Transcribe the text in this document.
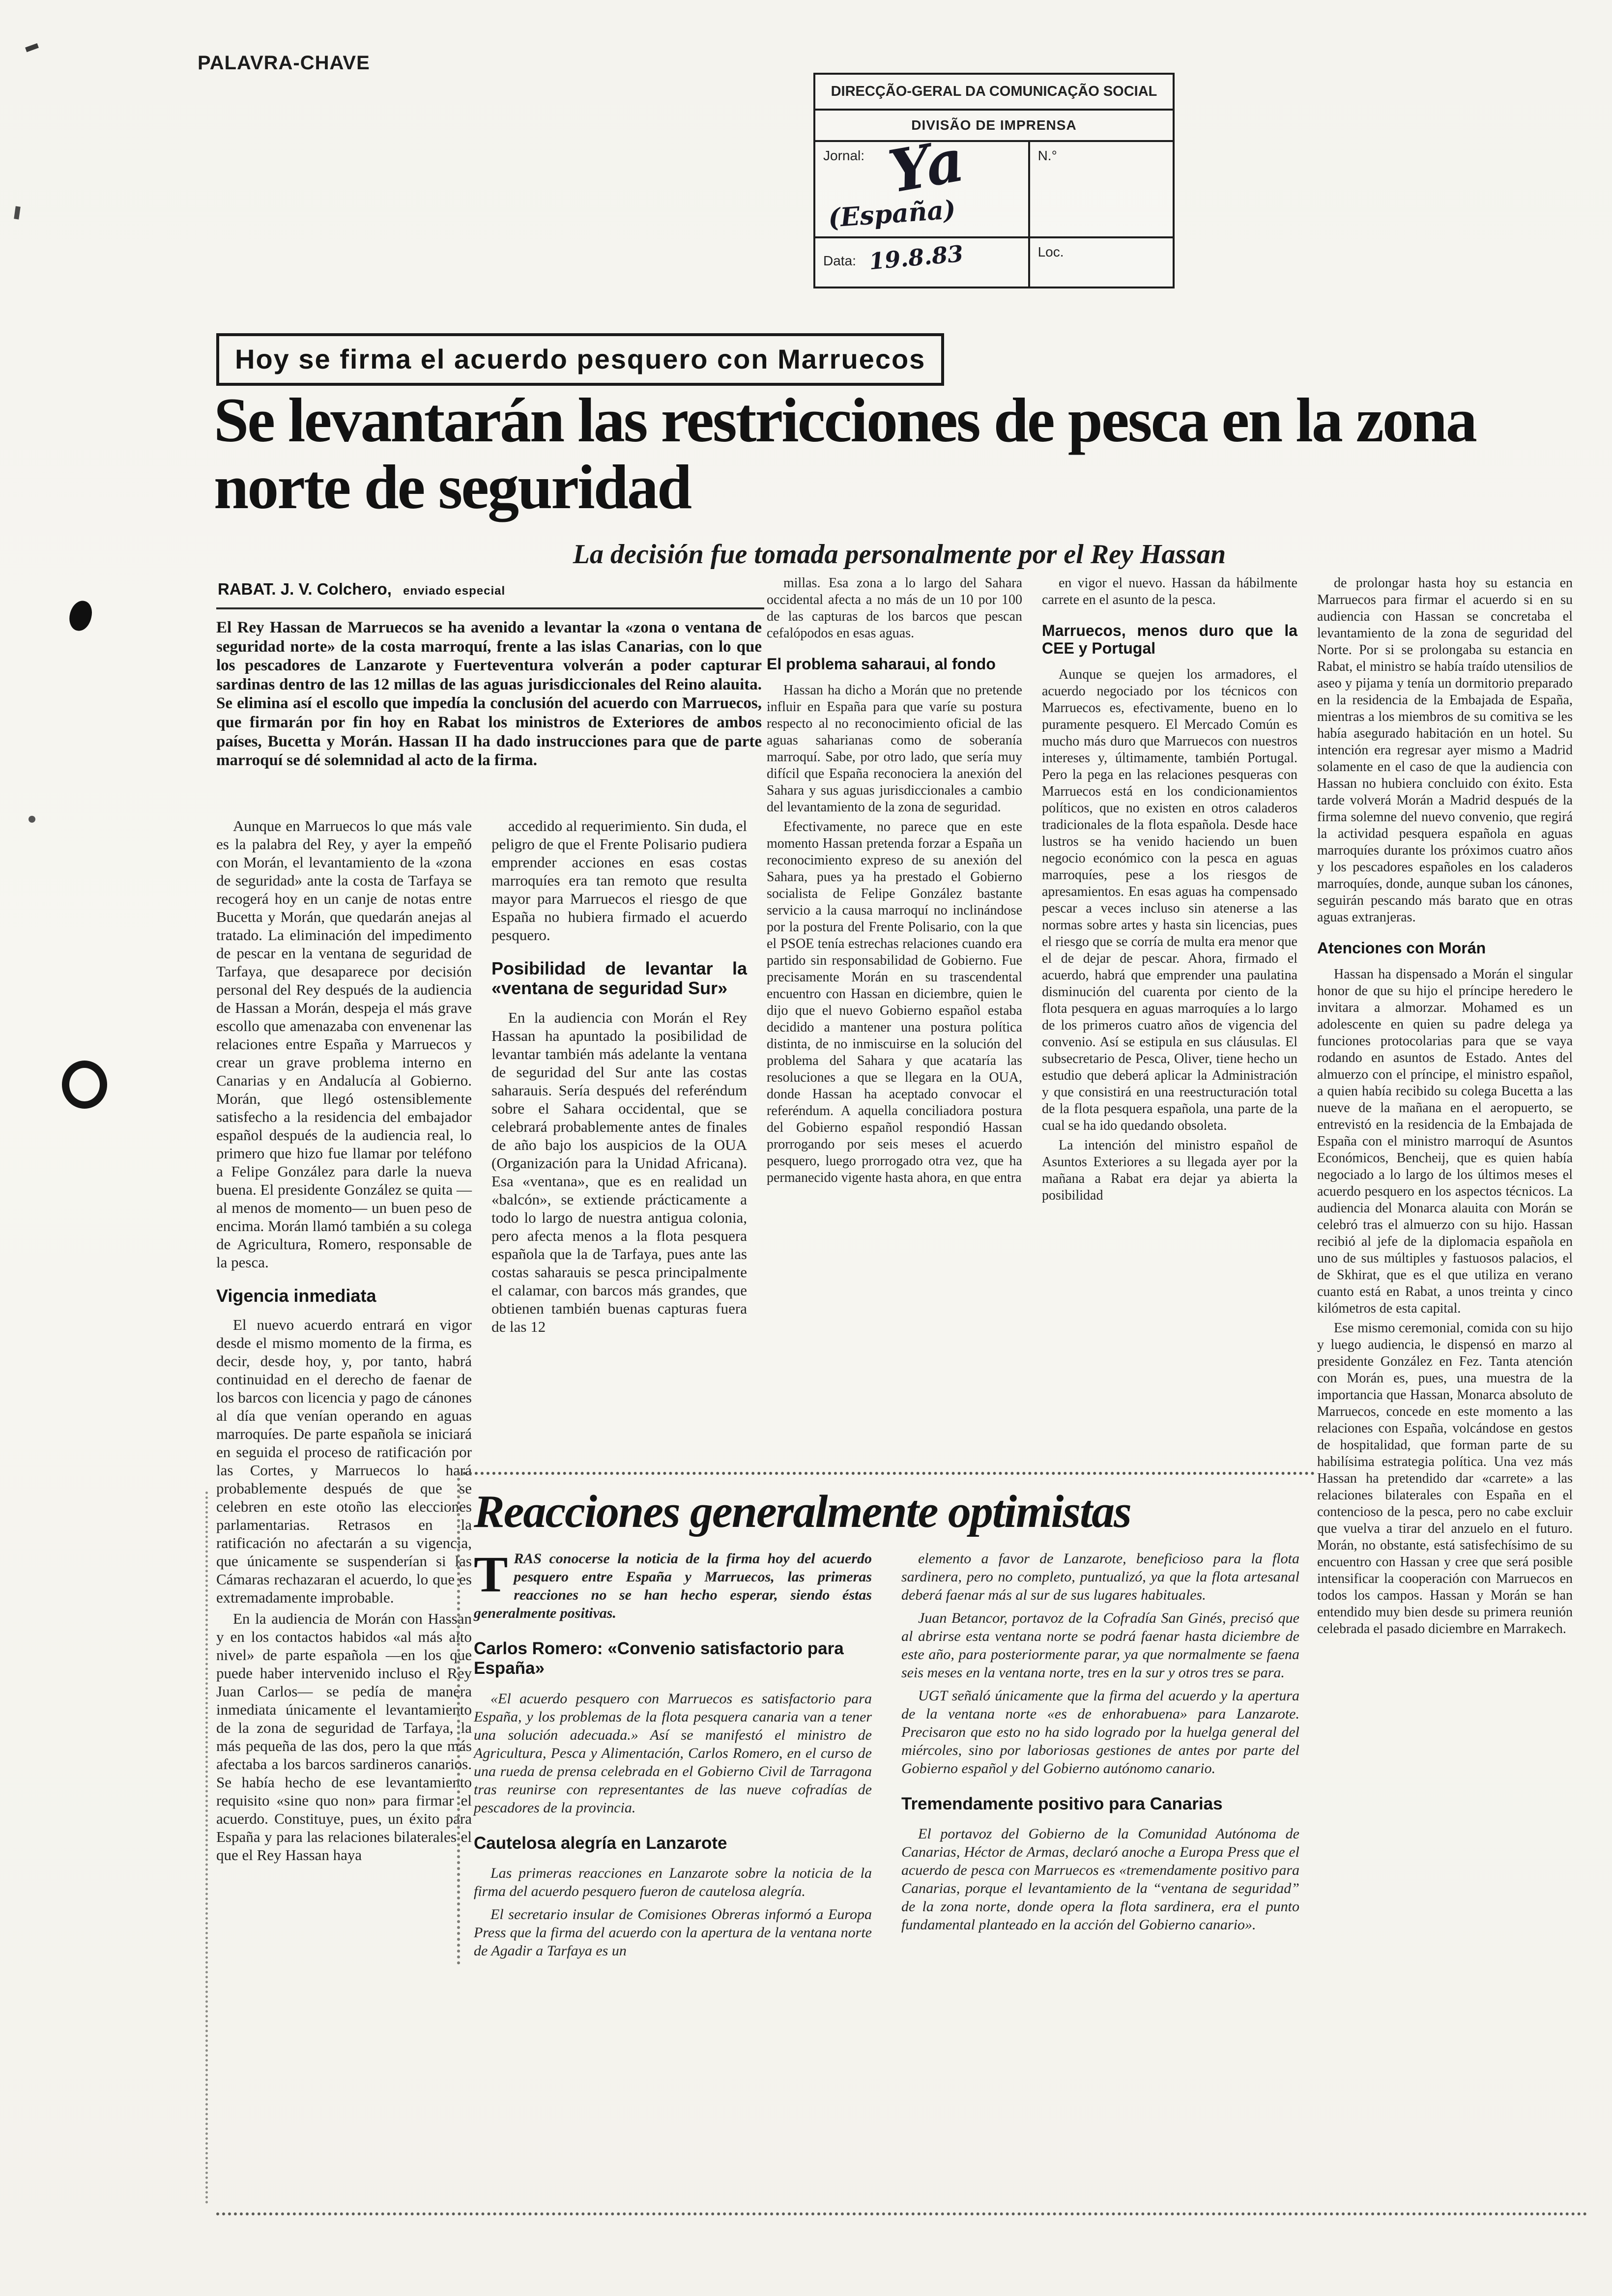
PALAVRA-CHAVE
DIRECÇÃO-GERAL DA COMUNICAÇÃO SOCIAL
DIVISÃO DE IMPRENSA
Jornal: Ya
(España)
N.°
Data: 19.8.83	Loc.
Hoy se firma el acuerdo pesquero con Marruecos
Se levantarán las restricciones de pesca en la zona norte de seguridad
La decisión fue tomada personalmente por el Rey Hassan
RABAT. J. V. Colchero, enviado especial

El Rey Hassan de Marruecos se ha avenido a levantar la «zona o ventana de seguridad norte» de la costa marroquí, frente a las islas Canarias, con lo que los pescadores de Lanzarote y Fuerteventura volverán a poder capturar sardinas dentro de las 12 millas de las aguas jurisdiccionales del Reino alauita. Se elimina así el escollo que impedía la conclusión del acuerdo con Marruecos, que firmarán por fin hoy en Rabat los ministros de Exteriores de ambos países, Bucetta y Morán. Hassan II ha dado instrucciones para que de parte marroquí se dé solemnidad al acto de la firma.

Aunque en Marruecos lo que más vale es la palabra del Rey, y ayer la empeñó con Morán, el levantamiento de la «zona de seguridad» ante la costa de Tarfaya se recogerá hoy en un canje de notas entre Bucetta y Morán, que quedarán anejas al tratado. La eliminación del impedimento de pescar en la ventana de seguridad de Tarfaya, que desaparece por decisión personal del Rey después de la audiencia de Hassan a Morán, despeja el más grave escollo que amenazaba con envenenar las relaciones entre España y Marruecos y crear un grave problema interno en Canarias y en Andalucía al Gobierno. Morán, que llegó ostensiblemente satisfecho a la residencia del embajador español después de la audiencia real, lo primero que hizo fue llamar por teléfono a Felipe González para darle la nueva buena. El presidente González se quita —al menos de momento— un buen peso de encima. Morán llamó también a su colega de Agricultura, Romero, responsable de la pesca.

Vigencia inmediata

El nuevo acuerdo entrará en vigor desde el mismo momento de la firma, es decir, desde hoy, y, por tanto, habrá continuidad en el derecho de faenar de los barcos con licencia y pago de cánones al día que venían operando en aguas marroquíes. De parte española se iniciará en seguida el proceso de ratificación por las Cortes, y Marruecos lo hará probablemente después de que se celebren en este otoño las elecciones parlamentarias. Retrasos en la ratificación no afectarán a su vigencia, que únicamente se suspenderían si las Cámaras rechazaran el acuerdo, lo que es extremadamente improbable.

En la audiencia de Morán con Hassan y en los contactos habidos «al más alto nivel» de parte española —en los que puede haber intervenido incluso el Rey Juan Carlos— se pedía de manera inmediata únicamente el levantamiento de la zona de seguridad de Tarfaya, la más pequeña de las dos, pero la que más afectaba a los barcos sardineros canarios. Se había hecho de ese levantamiento requisito «sine quo non» para firmar el acuerdo. Constituye, pues, un éxito para España y para las relaciones bilaterales el que el Rey Hassan haya

accedido al requerimiento. Sin duda, el peligro de que el Frente Polisario pudiera emprender acciones en esas costas marroquíes era tan remoto que resulta mayor para Marruecos el riesgo de que España no hubiera firmado el acuerdo pesquero.

Posibilidad de levantar la «ventana de seguridad Sur»

En la audiencia con Morán el Rey Hassan ha apuntado la posibilidad de levantar también más adelante la ventana de seguridad del Sur ante las costas saharauis. Sería después del referéndum sobre el Sahara occidental, que se celebrará probablemente antes de finales de año bajo los auspicios de la OUA (Organización para la Unidad Africana). Esa «ventana», que es en realidad un «balcón», se extiende prácticamente a todo lo largo de nuestra antigua colonia, pero afecta menos a la flota pesquera española que la de Tarfaya, pues ante las costas saharauis se pesca principalmente el calamar, con barcos más grandes, que obtienen también buenas capturas fuera de las 12

millas. Esa zona a lo largo del Sahara occidental afecta a no más de un 10 por 100 de las capturas de los barcos que pescan cefalópodos en esas aguas.

El problema saharaui, al fondo

Hassan ha dicho a Morán que no pretende influir en España para que varíe su postura respecto al no reconocimiento oficial de las aguas saharianas como de soberanía marroquí. Sabe, por otro lado, que sería muy difícil que España reconociera la anexión del Sahara y sus aguas jurisdiccionales a cambio del levantamiento de la zona de seguridad.

Efectivamente, no parece que en este momento Hassan pretenda forzar a España un reconocimiento expreso de su anexión del Sahara, pues ya ha prestado el Gobierno socialista de Felipe González bastante servicio a la causa marroquí no inclinándose por la postura del Frente Polisario, con la que el PSOE tenía estrechas relaciones cuando era partido sin responsabilidad de Gobierno. Fue precisamente Morán en su trascendental encuentro con Hassan en diciembre, quien le dijo que el nuevo Gobierno español estaba decidido a mantener una postura política distinta, de no inmiscuirse en la solución del problema del Sahara y que acataría las resoluciones a que se llegara en la OUA, donde Hassan ha aceptado convocar el referéndum. A aquella conciliadora postura del Gobierno español respondió Hassan prorrogando por seis meses el acuerdo pesquero, luego prorrogado otra vez, que ha permanecido vigente hasta ahora, en que entra

en vigor el nuevo. Hassan da hábilmente carrete en el asunto de la pesca.

Marruecos, menos duro que la CEE y Portugal

Aunque se quejen los armadores, el acuerdo negociado por los técnicos con Marruecos es, efectivamente, bueno en lo puramente pesquero. El Mercado Común es mucho más duro que Marruecos con nuestros intereses y, últimamente, también Portugal. Pero la pega en las relaciones pesqueras con Marruecos está en los condicionamientos políticos, que no existen en otros caladeros tradicionales de la flota española. Desde hace lustros se ha venido haciendo un buen negocio económico con la pesca en aguas marroquíes, pese a los riesgos de apresamientos. En esas aguas ha compensado pescar a veces incluso sin atenerse a las normas sobre artes y hasta sin licencias, pues el riesgo que se corría de multa era menor que el de dejar de pescar. Ahora, firmado el acuerdo, habrá que emprender una paulatina disminución del cuarenta por ciento de la flota pesquera en aguas marroquíes a lo largo de los primeros cuatro años de vigencia del convenio. Así se estipula en sus cláusulas. El subsecretario de Pesca, Oliver, tiene hecho un estudio que deberá aplicar la Administración y que consistirá en una reestructuración total de la flota pesquera española, una parte de la cual se ha ido quedando obsoleta.

La intención del ministro español de Asuntos Exteriores a su llegada ayer por la mañana a Rabat era dejar ya abierta la posibilidad

de prolongar hasta hoy su estancia en Marruecos para firmar el acuerdo si en su audiencia con Hassan se concretaba el levantamiento de la zona de seguridad del Norte. Por si se prolongaba su estancia en Rabat, el ministro se había traído utensilios de aseo y pijama y tenía un dormitorio preparado en la residencia de la Embajada de España, mientras a los miembros de su comitiva se les había asegurado habitación en un hotel. Su intención era regresar ayer mismo a Madrid solamente en el caso de que la audiencia con Hassan no hubiera concluido con éxito. Esta tarde volverá Morán a Madrid después de la firma solemne del nuevo convenio, que regirá la actividad pesquera española en aguas marroquíes durante los próximos cuatro años y los pescadores españoles en los caladeros marroquíes, donde, aunque suban los cánones, seguirán pescando más barato que en otras aguas extranjeras.

Atenciones con Morán

Hassan ha dispensado a Morán el singular honor de que su hijo el príncipe heredero le invitara a almorzar. Mohamed es un adolescente en quien su padre delega ya funciones protocolarias para que se vaya rodando en asuntos de Estado. Antes del almuerzo con el príncipe, el ministro español, a quien había recibido su colega Bucetta a las nueve de la mañana en el aeropuerto, se entrevistó en la residencia de la Embajada de España con el ministro marroquí de Asuntos Económicos, Bencheij, que es quien había negociado a lo largo de los últimos meses el acuerdo pesquero en los aspectos técnicos. La audiencia del Monarca alauita con Morán se celebró tras el almuerzo con su hijo. Hassan recibió al jefe de la diplomacia española en uno de sus múltiples y fastuosos palacios, el de Skhirat, que es el que utiliza en verano cuanto está en Rabat, a unos treinta y cinco kilómetros de esta capital.

Ese mismo ceremonial, comida con su hijo y luego audiencia, le dispensó en marzo al presidente González en Fez. Tanta atención con Morán es, pues, una muestra de la importancia que Hassan, Monarca absoluto de Marruecos, concede en este momento a las relaciones con España, volcándose en gestos de hospitalidad, que forman parte de su habilísima estrategia política. Una vez más Hassan ha pretendido dar «carrete» a las relaciones bilaterales con España en el contencioso de la pesca, pero no cabe excluir que vuelva a tirar del anzuelo en el futuro. Morán, no obstante, está satisfechísimo de su encuentro con Hassan y cree que será posible intensificar la cooperación con Marruecos en todos los campos. Hassan y Morán se han entendido muy bien desde su primera reunión celebrada el pasado diciembre en Marrakech.

Reacciones generalmente optimistas

TRAS conocerse la noticia de la firma hoy del acuerdo pesquero entre España y Marruecos, las primeras reacciones no se han hecho esperar, siendo éstas generalmente positivas.

Carlos Romero: «Convenio satisfactorio para España»

«El acuerdo pesquero con Marruecos es satisfactorio para España, y los problemas de la flota pesquera canaria van a tener una solución adecuada.» Así se manifestó el ministro de Agricultura, Pesca y Alimentación, Carlos Romero, en el curso de una rueda de prensa celebrada en el Gobierno Civil de Tarragona tras reunirse con representantes de las nueve cofradías de pescadores de la provincia.

Cautelosa alegría en Lanzarote

Las primeras reacciones en Lanzarote sobre la noticia de la firma del acuerdo pesquero fueron de cautelosa alegría.

El secretario insular de Comisiones Obreras informó a Europa Press que la firma del acuerdo con la apertura de la ventana norte de Agadir a Tarfaya es un

elemento a favor de Lanzarote, beneficioso para la flota sardinera, pero no completo, puntualizó, ya que la flota artesanal deberá faenar más al sur de sus lugares habituales.

Juan Betancor, portavoz de la Cofradía San Ginés, precisó que al abrirse esta ventana norte se podrá faenar hasta diciembre de este año, para posteriormente parar, ya que normalmente se faena seis meses en la ventana norte, tres en la sur y otros tres se para.

UGT señaló únicamente que la firma del acuerdo y la apertura de la ventana norte «es de enhorabuena» para Lanzarote. Precisaron que esto no ha sido logrado por la huelga general del miércoles, sino por laboriosas gestiones de antes por parte del Gobierno español y del Gobierno autónomo canario.

Tremendamente positivo para Canarias

El portavoz del Gobierno de la Comunidad Autónoma de Canarias, Héctor de Armas, declaró anoche a Europa Press que el acuerdo de pesca con Marruecos es «tremendamente positivo para Canarias, porque el levantamiento de la “ventana de seguridad” de la zona norte, donde opera la flota sardinera, era el punto fundamental planteado en la acción del Gobierno canario».
